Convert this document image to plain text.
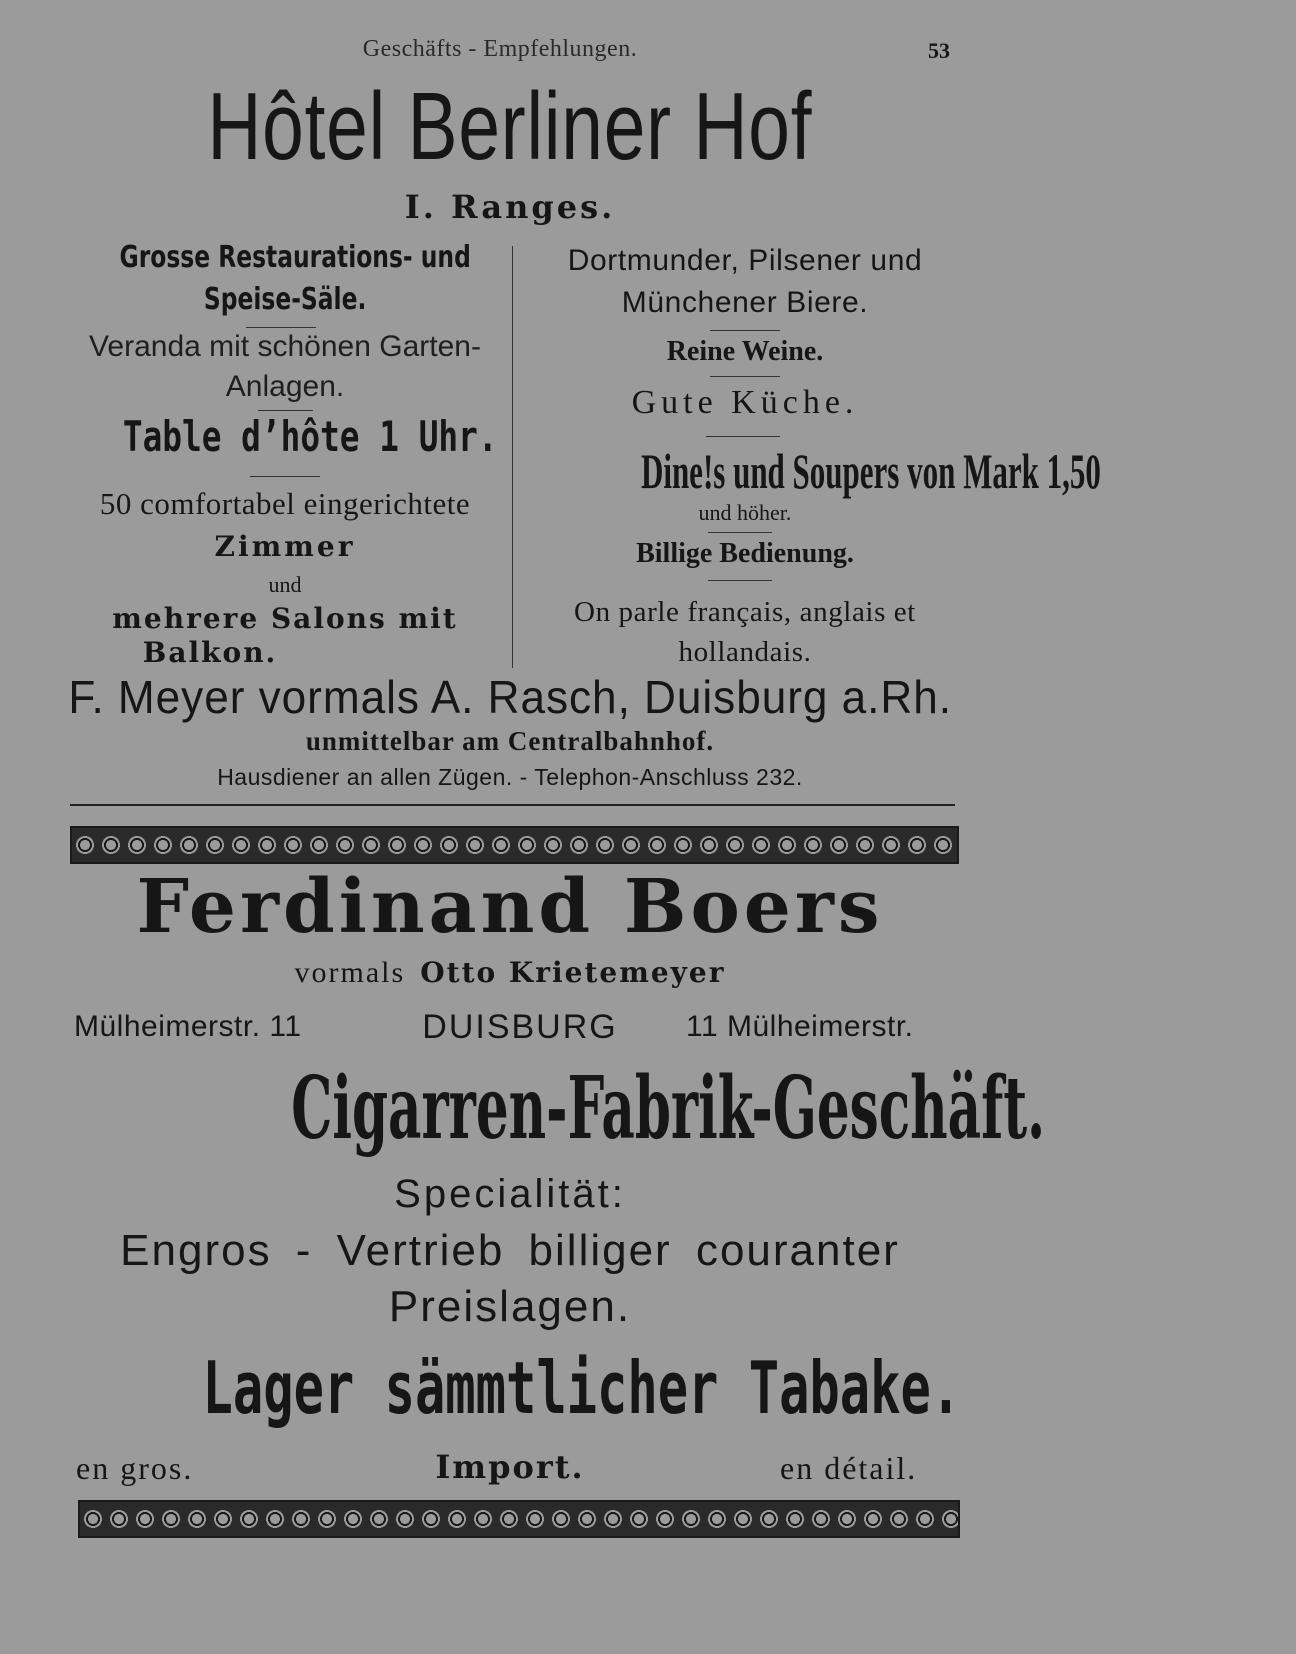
Geschäfts - Empfehlungen.	53
Hôtel Berliner Hof
I. Ranges.
Grosse Restaurations- und
Speise-Säle.
Veranda mit schönen Garten-
Anlagen.
Table d’hôte 1 Uhr.
50 comfortabel eingerichtete
Zimmer
und
mehrere Salons mit
Balkon.
Dortmunder, Pilsener und
Münchener Biere.
Reine Weine.
Gute Küche.
Dine!s und Soupers von Mark 1,50
und höher.
Billige Bedienung.
On parle français, anglais et
hollandais.
F. Meyer vormals A. Rasch, Duisburg a.Rh.
unmittelbar am Centralbahnhof.
Hausdiener an allen Zügen. - Telephon-Anschluss 232.
Ferdinand Boers
vormals Otto Krietemeyer
Mülheimerstr. 11	DUISBURG	11 Mülheimerstr.
Cigarren-Fabrik-Geschäft.
Specialität:
Engros - Vertrieb billiger couranter
Preislagen.
Lager sämmtlicher Tabake.
en gros.	Import.	en détail.
